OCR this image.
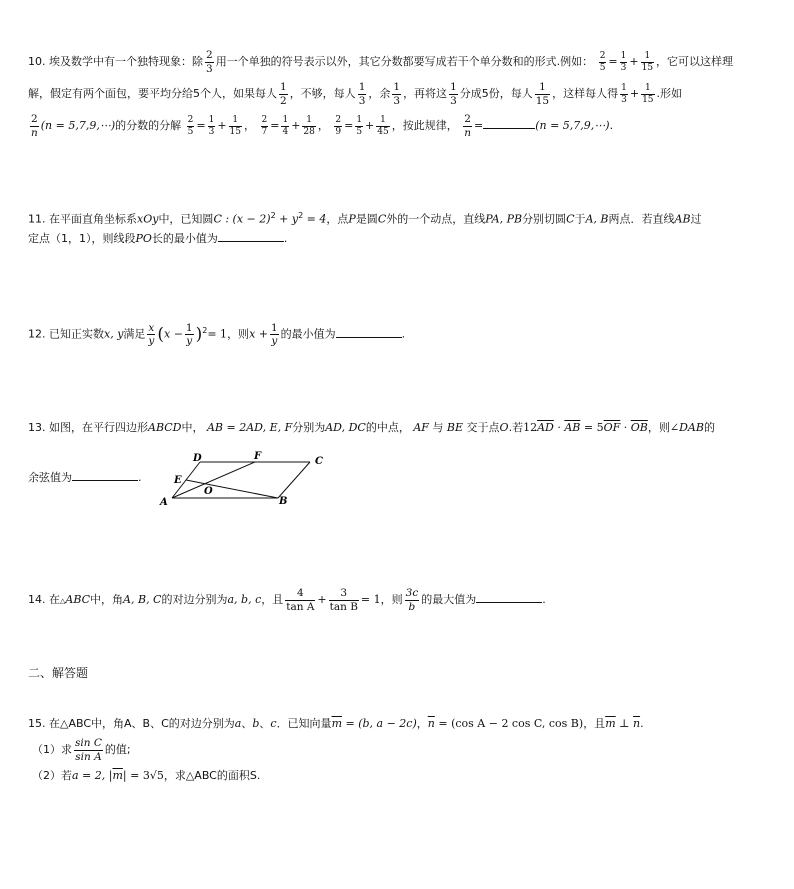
10. 埃及数学中有一个独特现象：除 $\frac{2}{3}$ 用一个单独的符号表示以外，其它分数都要写成若干个单分数和的形式.例如： $\frac{2}{5} = \frac{1}{3} + \frac{1}{15}$ ，它可以这样理
解，假定有两个面包，要平均分给5个人，如果每人 $\frac{1}{2}$ ，不够，每人 $\frac{1}{3}$ ，余 $\frac{1}{3}$ ，再将这 $\frac{1}{3}$ 分成5份，每人 $\frac{1}{15}$ ，这样每人得 $\frac{1}{3} + \frac{1}{15}$ .形如
$\frac{2}{n} (n$ = 5,7,9,⋯)的分数的分解 $\frac{2}{5} = \frac{1}{3} + \frac{1}{15}$ ， $\frac{2}{7} = \frac{1}{4} + \frac{1}{28}$ ， $\frac{2}{9} = \frac{1}{5} + \frac{1}{45}$ ，按此规律， $\frac{2}{n}$ =	(n = 5,7,9,⋯).
11. 在平面直角坐标系xOy中，已知圆C : $(x - 2)^2 + y^2 = 4$，点P是圆C外的一个动点，直线PA, PB分别切圆C于A, B两点．若直线AB过
定点（1，1），则线段PO长的最小值为	.
12. 已知正实数x, y满足 $\frac{x}{y} (x - \frac{1}{y} )^2= 1$，则$x + \frac{1}{y}$ 的最小值为	.
13. 如图，在平行四边形ABCD中， AB = 2AD, E, F分别为AD, DC的中点， AF 与 BE 交于点O.若$12\overline{AD} \cdot \overline{AB} = 5\overline{OF} \cdot \overline{OB}$，则∠DAB的
余弦值为	.
A	B
C
D
E
F
O
14. 在△ABC中，角A, B, C的对边分别为a, b, c，且 $\frac{4}{\text{tan A}} + \frac{3}{\text{tan B}} = 1$，则 $\frac{3c}{b}$ 的最大值为	.
二、解答题
15. 在△ABC中，角A、B、C的对边分别为a、b、c．已知向量$\overline{m} = (b$, a − 2c)，$\overline{n} = (\cos$ A − 2 cos C, cos B)，且$\overline{m}$ ⊥ $\overline{n}$.
（1）求 $\frac{\text{sin C}}{\text{sin A}}$ 的值;
（2）若a = 2, $|\overline{m}| = 3√5$，求△ABC的面积S.
